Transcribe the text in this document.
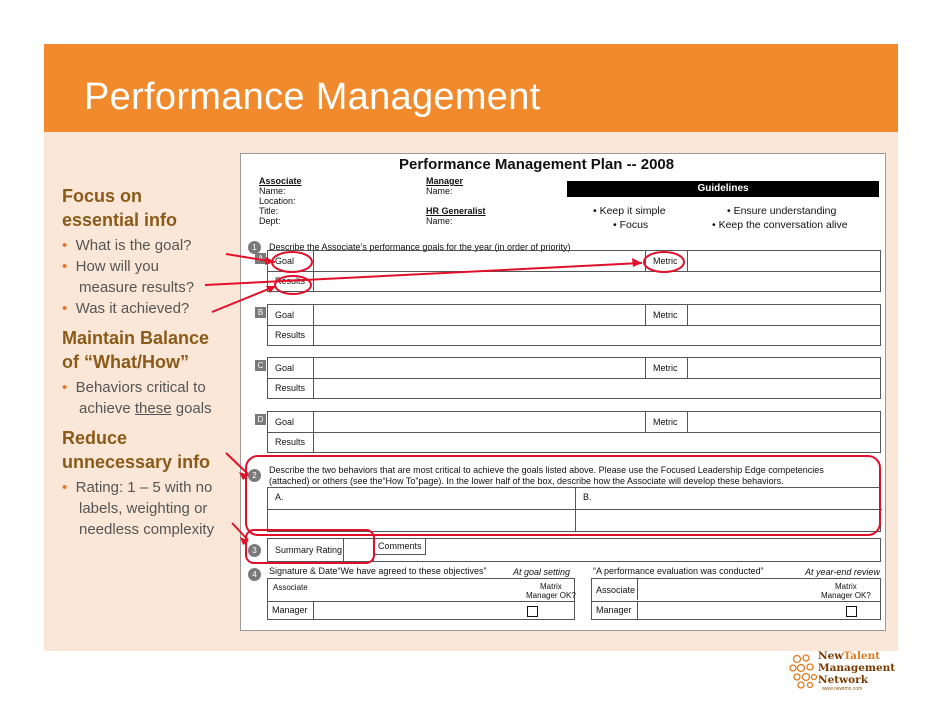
Performance Management
Focus on
essential info
• What is the goal?
• How will you
measure results?
• Was it achieved?
Maintain Balance
of “What/How”
• Behaviors critical to
achieve these goals
Reduce
unnecessary info
• Rating: 1 – 5 with no
labels, weighting or
needless complexity
Performance Management Plan -- 2008
Associate
Name:
Location:
Title:
Dept:
Manager
Name:

HR Generalist
Name:
Guidelines
• Keep it simple	• Ensure understanding
• Focus	• Keep the conversation alive
1	Describe the Associate’s performance goals for the year (in order of priority)
A	Goal	Metric
Results
B	Goal	Metric
Results
C	Goal	Metric
Results
D	Goal	Metric
Results
2
Describe the two behaviors that are most critical to achieve the goals listed above. Please use the Focused Leadership Edge competencies
(attached) or others (see the“How To”page). In the lower half of the box, describe how the Associate will develop these behaviors.
A.	B.
3	Summary Rating	Comments
4	Signature & Date“We have agreed to these objectives”	At goal setting	“A performance evaluation was conducted”	At year-end review
Associate	Matrix
Manager OK?
Manager
Associate	Matrix
Manager OK?
Manager
NewTalent
Management
Network
www.newtmn.com
